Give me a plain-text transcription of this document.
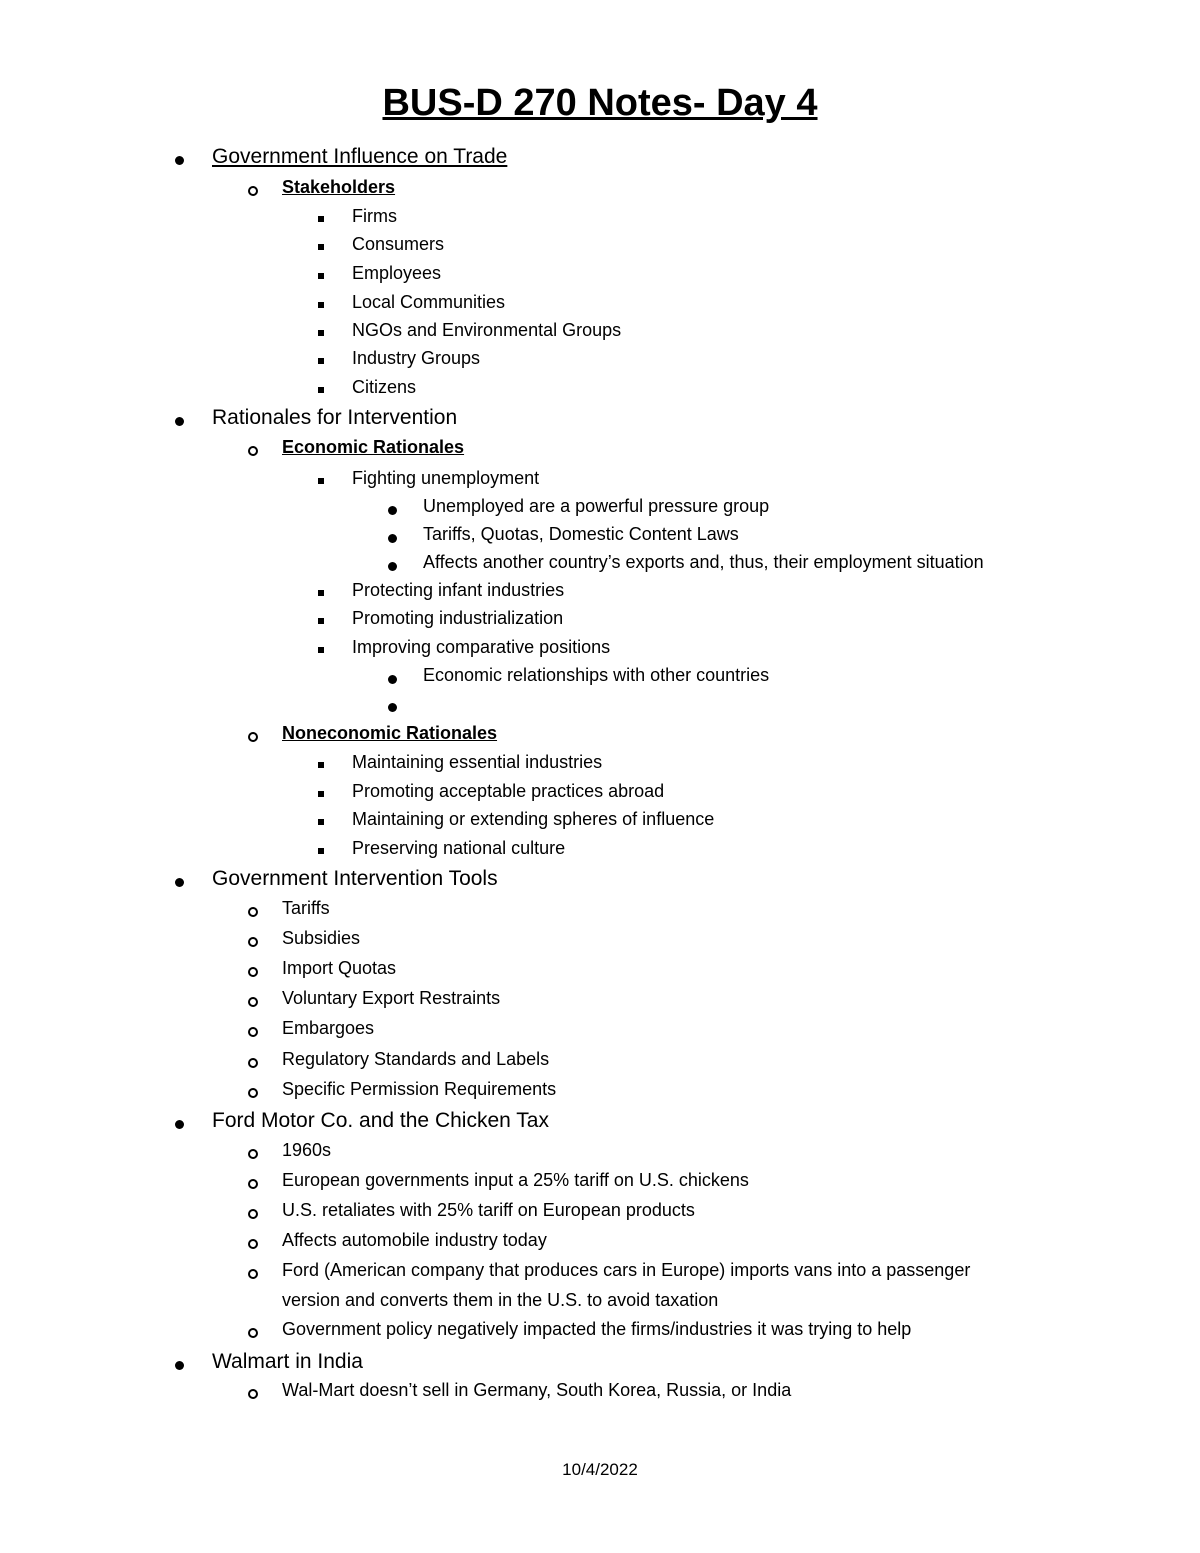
BUS-D 270 Notes- Day 4
Government Influence on Trade
Stakeholders
Firms
Consumers
Employees
Local Communities
NGOs and Environmental Groups
Industry Groups
Citizens
Rationales for Intervention
Economic Rationales
Fighting unemployment
Unemployed are a powerful pressure group
Tariffs, Quotas, Domestic Content Laws
Affects another country’s exports and, thus, their employment situation
Protecting infant industries
Promoting industrialization
Improving comparative positions
Economic relationships with other countries
Noneconomic Rationales
Maintaining essential industries
Promoting acceptable practices abroad
Maintaining or extending spheres of influence
Preserving national culture
Government Intervention Tools
Tariffs
Subsidies
Import Quotas
Voluntary Export Restraints
Embargoes
Regulatory Standards and Labels
Specific Permission Requirements
Ford Motor Co. and the Chicken Tax
1960s
European governments input a 25% tariff on U.S. chickens
U.S. retaliates with 25% tariff on European products
Affects automobile industry today
Ford (American company that produces cars in Europe) imports vans into a passenger
version and converts them in the U.S. to avoid taxation
Government policy negatively impacted the firms/industries it was trying to help
Walmart in India
Wal-Mart doesn’t sell in Germany, South Korea, Russia, or India
10/4/2022
